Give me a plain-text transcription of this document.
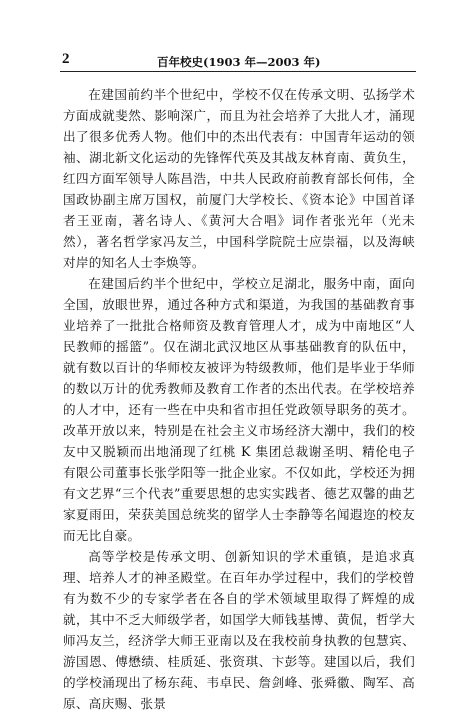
2	百年校史(1903 年—2003 年)

在建国前约半个世纪中，学校不仅在传承文明、弘扬学术方面成就斐然、影响深广，而且为社会培养了大批人才，涌现出了很多优秀人物。他们中的杰出代表有：中国青年运动的领袖、湖北新文化运动的先锋恽代英及其战友林育南、黄负生，红四方面军领导人陈昌浩，中共人民政府前教育部长何伟，全国政协副主席万国权，前厦门大学校长、《资本论》中国首译者王亚南，著名诗人、《黄河大合唱》词作者张光年（光未然），著名哲学家冯友兰，中国科学院院士应崇福，以及海峡对岸的知名人士李焕等。

在建国后约半个世纪中，学校立足湖北，服务中南，面向全国，放眼世界，通过各种方式和渠道，为我国的基础教育事业培养了一批批合格师资及教育管理人才，成为中南地区“人民教师的摇篮”。仅在湖北武汉地区从事基础教育的队伍中，就有数以百计的华师校友被评为特级教师，他们是毕业于华师的数以万计的优秀教师及教育工作者的杰出代表。在学校培养的人才中，还有一些在中央和省市担任党政领导职务的英才。改革开放以来，特别是在社会主义市场经济大潮中，我们的校友中又脱颖而出地涌现了红桃 K 集团总裁谢圣明、精伦电子有限公司董事长张学阳等一批企业家。不仅如此，学校还为拥有文艺界“三个代表”重要思想的忠实实践者、德艺双馨的曲艺家夏雨田，荣获美国总统奖的留学人士李静等名闻遐迩的校友而无比自豪。

高等学校是传承文明、创新知识的学术重镇，是追求真理、培养人才的神圣殿堂。在百年办学过程中，我们的学校曾有为数不少的专家学者在各自的学术领域里取得了辉煌的成就，其中不乏大师级学者，如国学大师钱基博、黄侃，哲学大师冯友兰，经济学大师王亚南以及在我校前身执教的包慧宾、游国恩、傅懋绩、桂质延、张资琪、卞彭等。建国以后，我们的学校涌现出了杨东莼、韦卓民、詹剑峰、张舜徽、陶军、高原、高庆赐、张景
